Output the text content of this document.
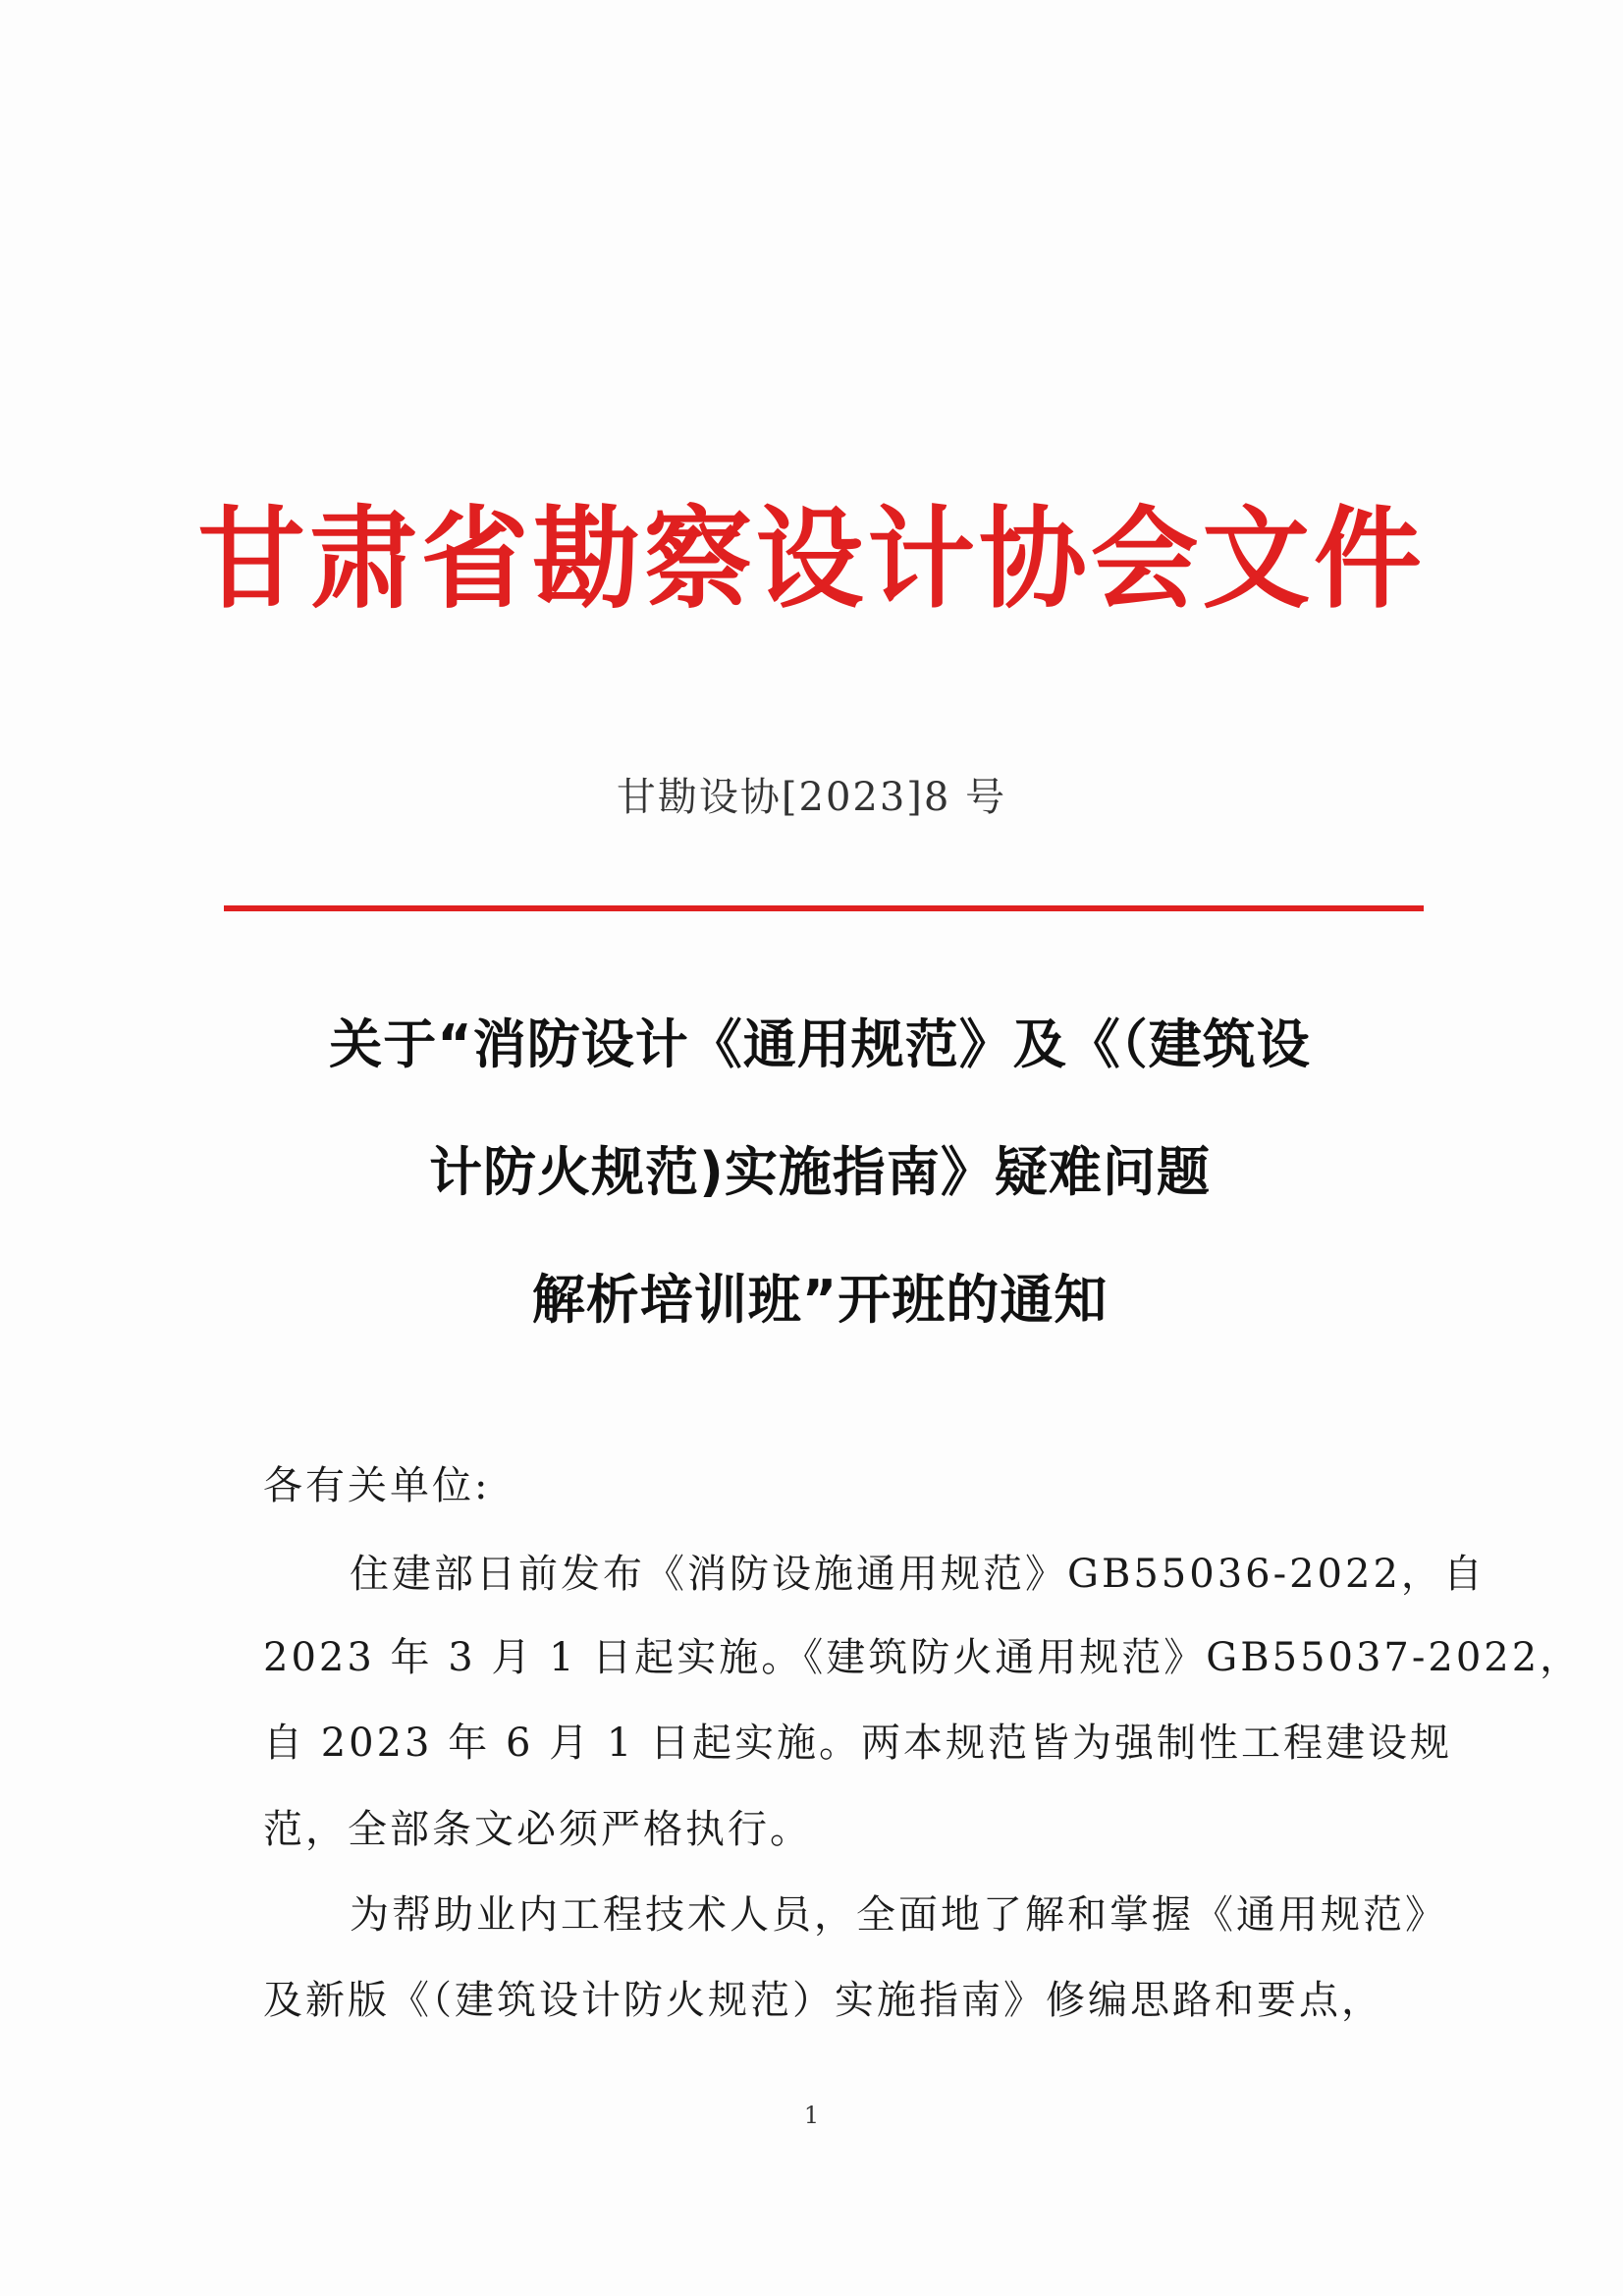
甘肃省勘察设计协会文件
甘勘设协[2023]8 号
关于“消防设计《通用规范》及《（建筑设
计防火规范)实施指南》疑难问题
解析培训班”开班的通知
各有关单位:
住建部日前发布《消防设施通用规范》GB55036-2022，自
2023 年 3 月 1 日起实施。《建筑防火通用规范》GB55037-2022，
自 2023 年 6 月 1 日起实施。两本规范皆为强制性工程建设规
范，全部条文必须严格执行。
为帮助业内工程技术人员，全面地了解和掌握《通用规范》
及新版《（建筑设计防火规范）实施指南》修编思路和要点，
1
